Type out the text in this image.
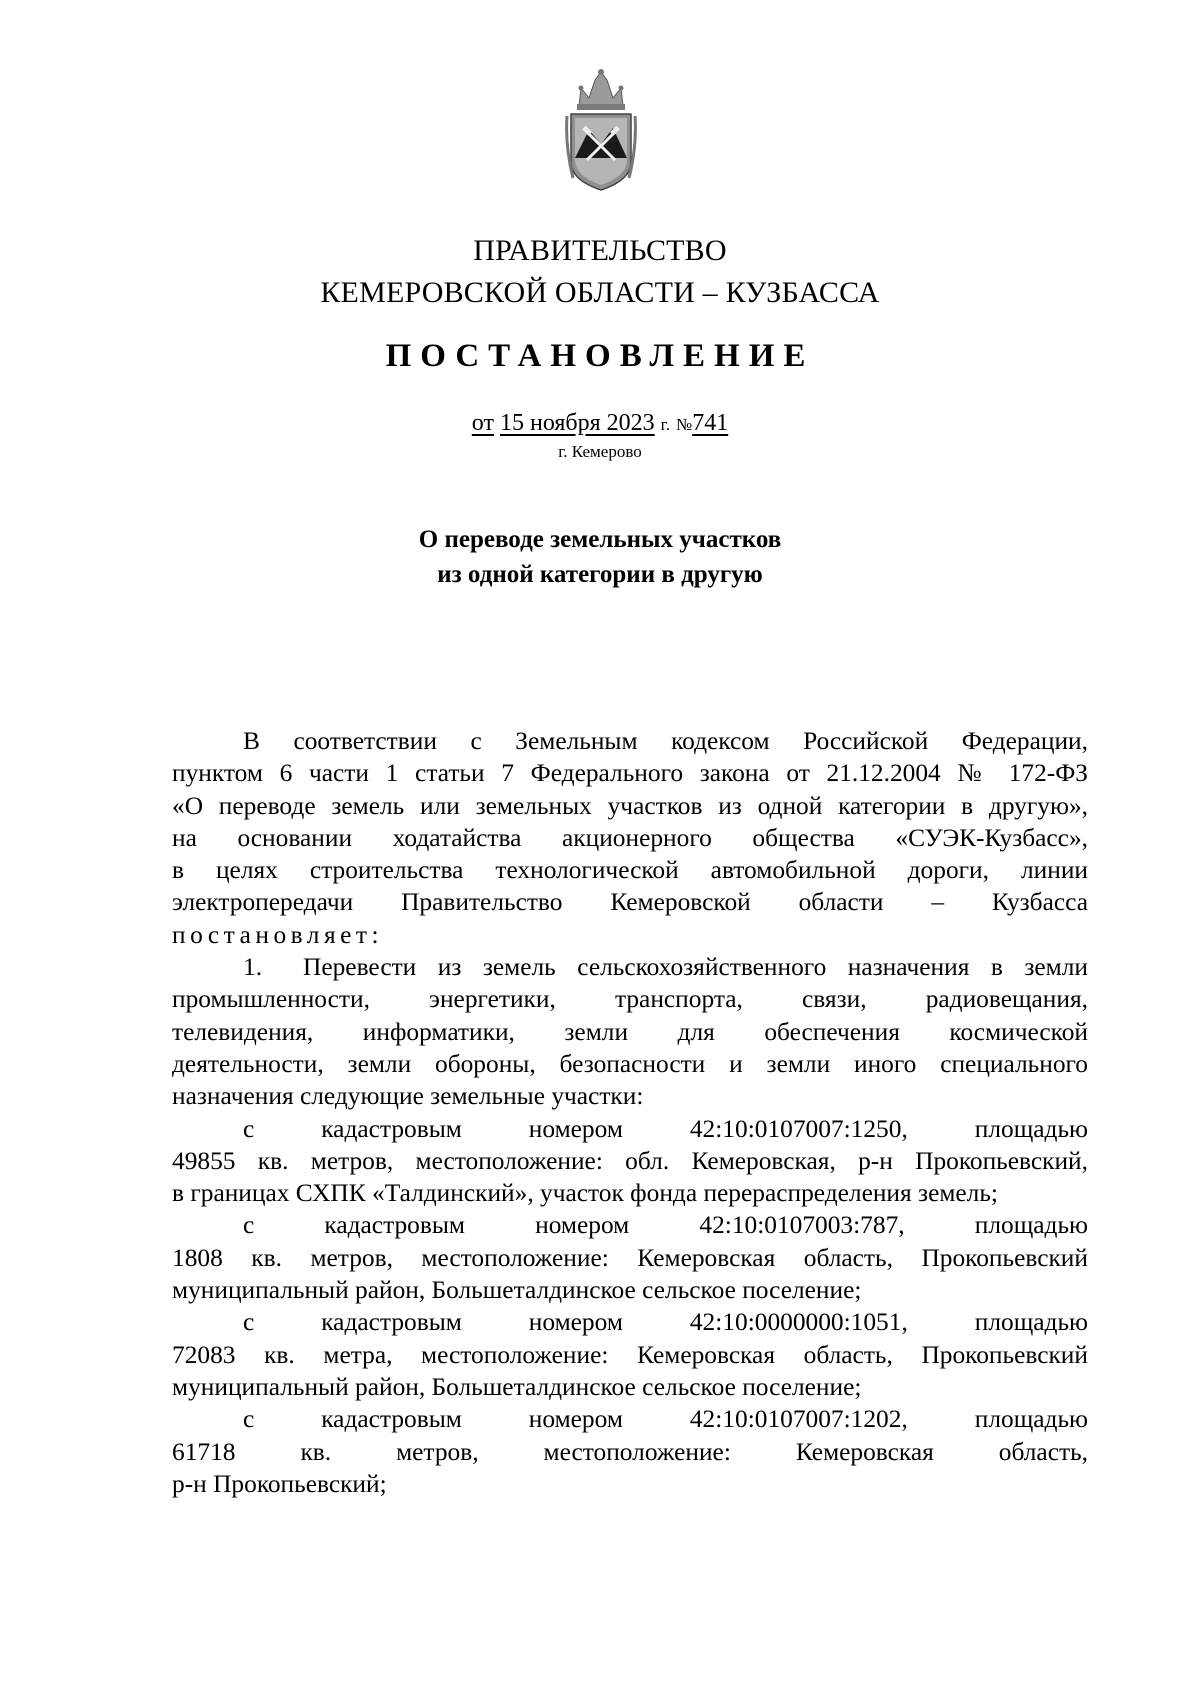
ПРАВИТЕЛЬСТВО
КЕМЕРОВСКОЙ ОБЛАСТИ – КУЗБАССА
ПОСТАНОВЛЕНИЕ
от 15 ноября 2023 г. №741
г. Кемерово
О переводе земельных участков
из одной категории в другую
В соответствии с Земельным кодексом Российской Федерации,
пунктом 6 части 1 статьи 7 Федерального закона от 21.12.2004 № 172-ФЗ
«О переводе земель или земельных участков из одной категории в другую»,
на основании ходатайства акционерного общества «СУЭК-Кузбасс»,
в целях строительства технологической автомобильной дороги, линии
электропередачи Правительство Кемеровской области – Кузбасса
постановляет:
1.	Перевести из земель сельскохозяйственного назначения в земли
промышленности, энергетики, транспорта, связи, радиовещания,
телевидения, информатики, земли для обеспечения космической
деятельности, земли обороны, безопасности и земли иного специального
назначения следующие земельные участки:
с кадастровым номером 42:10:0107007:1250, площадью
49855 кв. метров, местоположение: обл. Кемеровская, р-н Прокопьевский,
в границах СХПК «Талдинский», участок фонда перераспределения земель;
с кадастровым номером 42:10:0107003:787, площадью
1808 кв. метров, местоположение: Кемеровская область, Прокопьевский
муниципальный район, Большеталдинское сельское поселение;
с кадастровым номером 42:10:0000000:1051, площадью
72083 кв. метра, местоположение: Кемеровская область, Прокопьевский
муниципальный район, Большеталдинское сельское поселение;
с кадастровым номером 42:10:0107007:1202, площадью
61718 кв. метров, местоположение: Кемеровская область,
р-н Прокопьевский;
